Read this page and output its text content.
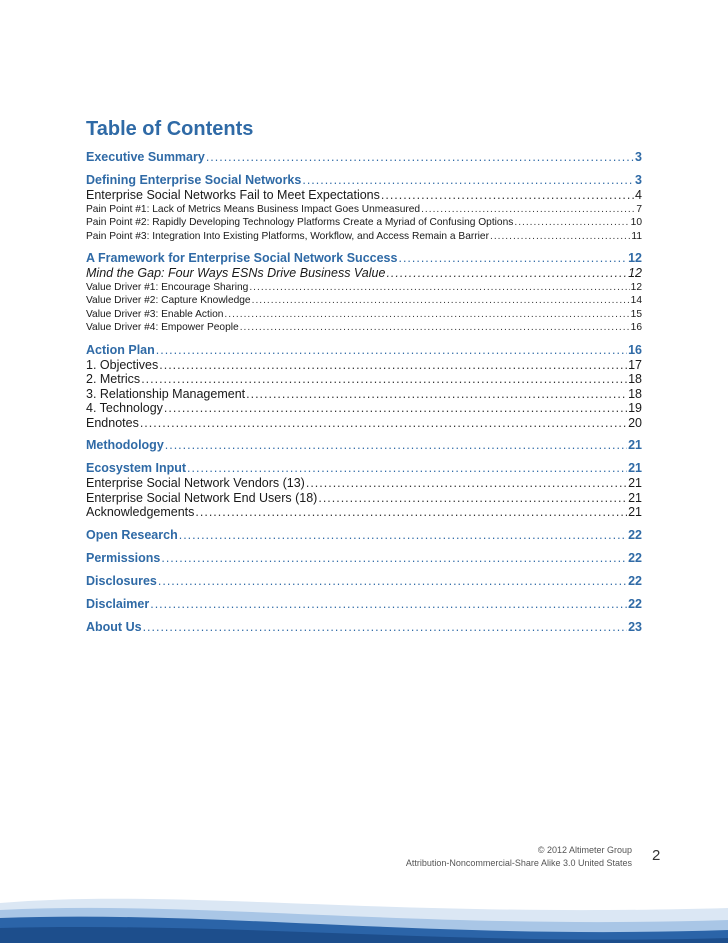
Table of Contents
Executive Summary .....	3
Defining Enterprise Social Networks .....	3
Enterprise Social Networks Fail to Meet Expectations .....	4
Pain Point #1: Lack of Metrics Means Business Impact Goes Unmeasured .....	7
Pain Point #2: Rapidly Developing Technology Platforms Create a Myriad of Confusing Options .....	10
Pain Point #3: Integration Into Existing Platforms, Workflow, and Access Remain a Barrier .....	11
A Framework for Enterprise Social Network Success .....	12
Mind the Gap: Four Ways ESNs Drive Business Value .....	12
Value Driver #1: Encourage Sharing .....	12
Value Driver #2: Capture Knowledge .....	14
Value Driver #3: Enable Action .....	15
Value Driver #4: Empower People .....	16
Action Plan .....	16
1. Objectives .....	17
2. Metrics .....	18
3. Relationship Management .....	18
4. Technology .....	19
Endnotes .....	20
Methodology .....	21
Ecosystem Input .....	21
Enterprise Social Network Vendors (13) .....	21
Enterprise Social Network End Users (18) .....	21
Acknowledgements .....	21
Open Research .....	22
Permissions .....	22
Disclosures .....	22
Disclaimer .....	22
About Us .....	23
© 2012 Altimeter Group
Attribution-Noncommercial-Share Alike 3.0 United States 2
